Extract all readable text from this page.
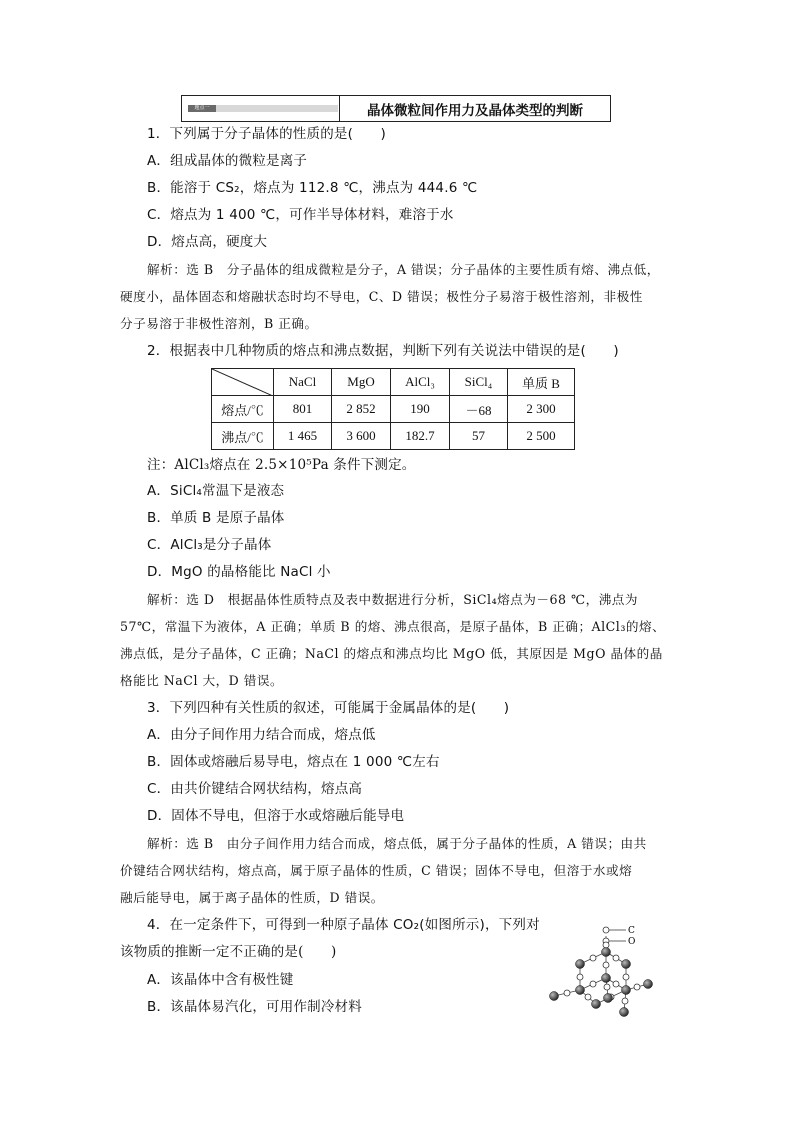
题点一	晶体微粒间作用力及晶体类型的判断
1．下列属于分子晶体的性质的是(　　)
A．组成晶体的微粒是离子
B．能溶于 CS₂，熔点为 112.8 ℃，沸点为 444.6 ℃
C．熔点为 1 400 ℃，可作半导体材料，难溶于水
D．熔点高，硬度大
解析：选 B　分子晶体的组成微粒是分子，A 错误；分子晶体的主要性质有熔、沸点低，
硬度小，晶体固态和熔融状态时均不导电，C、D 错误；极性分子易溶于极性溶剂，非极性
分子易溶于非极性溶剂，B 正确。
2．根据表中几种物质的熔点和沸点数据，判断下列有关说法中错误的是(　　)
	NaCl	MgO	AlCl₃	SiCl₄	单质 B
熔点/℃	801	2 852	190	－68	2 300
沸点/℃	1 465	3 600	182.7	57	2 500
注：AlCl₃熔点在 2.5×10⁵Pa 条件下测定。
A．SiCl₄常温下是液态
B．单质 B 是原子晶体
C．AlCl₃是分子晶体
D．MgO 的晶格能比 NaCl 小
解析：选 D　根据晶体性质特点及表中数据进行分析，SiCl₄熔点为－68 ℃，沸点为
57℃，常温下为液体，A 正确；单质 B 的熔、沸点很高，是原子晶体，B 正确；AlCl₃的熔、
沸点低，是分子晶体，C 正确；NaCl 的熔点和沸点均比 MgO 低，其原因是 MgO 晶体的晶
格能比 NaCl 大，D 错误。
3．下列四种有关性质的叙述，可能属于金属晶体的是(　　)
A．由分子间作用力结合而成，熔点低
B．固体或熔融后易导电，熔点在 1 000 ℃左右
C．由共价键结合网状结构，熔点高
D．固体不导电，但溶于水或熔融后能导电
解析：选 B　由分子间作用力结合而成，熔点低，属于分子晶体的性质，A 错误；由共
价键结合网状结构，熔点高，属于原子晶体的性质，C 错误；固体不导电，但溶于水或熔
融后能导电，属于离子晶体的性质，D 错误。
4．在一定条件下，可得到一种原子晶体 CO₂(如图所示)，下列对
该物质的推断一定不正确的是(　　)
A．该晶体中含有极性键
B．该晶体易汽化，可用作制冷材料
C
O
